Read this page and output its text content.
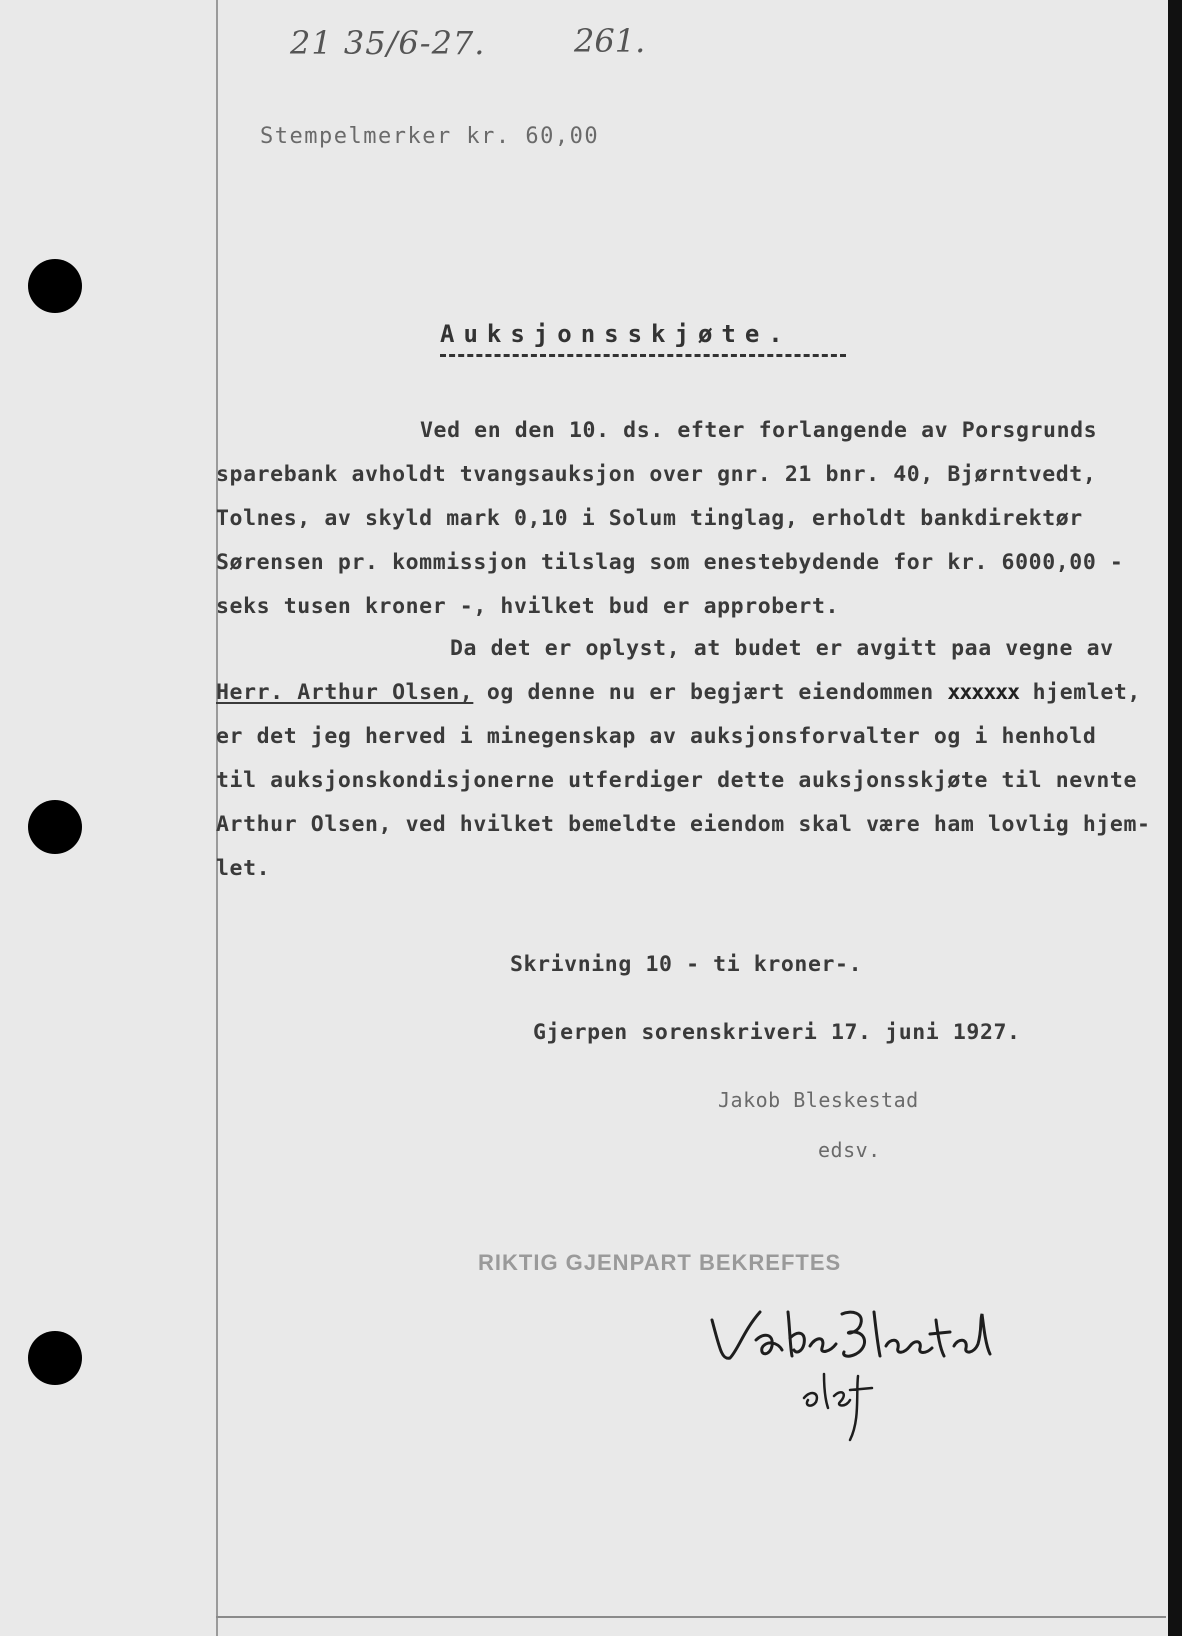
21 35/6-27.	261.
Stempelmerker kr. 60,00
Auksjonsskjøte.
Ved en den 10. ds. efter forlangende av Porsgrunds
sparebank avholdt tvangsauksjon over gnr. 21 bnr. 40, Bjørntvedt,
Tolnes, av skyld mark 0,10 i Solum tinglag, erholdt bankdirektør
Sørensen pr. kommissjon tilslag som enestebydende for kr. 6000,00 -
seks tusen kroner -, hvilket bud er approbert.
Da det er oplyst, at budet er avgitt paa vegne av
Herr. Arthur Olsen, og denne nu er begjært eiendommen xxxxxx hjemlet,
er det jeg herved i minegenskap av auksjonsforvalter og i henhold
til auksjonskondisjonerne utferdiger dette auksjonsskjøte til nevnte
Arthur Olsen, ved hvilket bemeldte eiendom skal være ham lovlig hjem-
let.
Skrivning 10 - ti kroner-.
Gjerpen sorenskriveri 17. juni 1927.
Jakob Bleskestad
edsv.
RIKTIG GJENPART BEKREFTES
